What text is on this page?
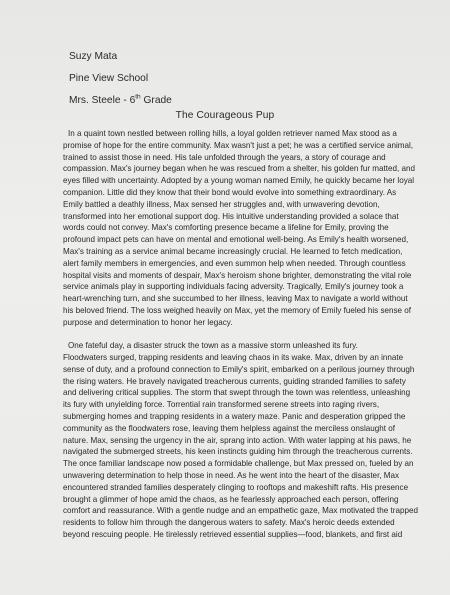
Suzy Mata
Pine View School
Mrs. Steele - 6th Grade
The Courageous Pup
In a quaint town nestled between rolling hills, a loyal golden retriever named Max stood as a
promise of hope for the entire community. Max wasn't just a pet; he was a certified service animal,
trained to assist those in need. His tale unfolded through the years, a story of courage and
compassion. Max's journey began when he was rescued from a shelter, his golden fur matted, and
eyes filled with uncertainty. Adopted by a young woman named Emily, he quickly became her loyal
companion. Little did they know that their bond would evolve into something extraordinary. As
Emily battled a deathly illness, Max sensed her struggles and, with unwavering devotion,
transformed into her emotional support dog. His intuitive understanding provided a solace that
words could not convey. Max's comforting presence became a lifeline for Emily, proving the
profound impact pets can have on mental and emotional well-being. As Emily's health worsened,
Max's training as a service animal became increasingly crucial. He learned to fetch medication,
alert family members in emergencies, and even summon help when needed. Through countless
hospital visits and moments of despair, Max's heroism shone brighter, demonstrating the vital role
service animals play in supporting individuals facing adversity. Tragically, Emily's journey took a
heart-wrenching turn, and she succumbed to her illness, leaving Max to navigate a world without
his beloved friend. The loss weighed heavily on Max, yet the memory of Emily fueled his sense of
purpose and determination to honor her legacy.
One fateful day, a disaster struck the town as a massive storm unleashed its fury.
Floodwaters surged, trapping residents and leaving chaos in its wake. Max, driven by an innate
sense of duty, and a profound connection to Emily's spirit, embarked on a perilous journey through
the rising waters. He bravely navigated treacherous currents, guiding stranded families to safety
and delivering critical supplies. The storm that swept through the town was relentless, unleashing
its fury with unyielding force. Torrential rain transformed serene streets into raging rivers,
submerging homes and trapping residents in a watery maze. Panic and desperation gripped the
community as the floodwaters rose, leaving them helpless against the merciless onslaught of
nature. Max, sensing the urgency in the air, sprang into action. With water lapping at his paws, he
navigated the submerged streets, his keen instincts guiding him through the treacherous currents.
The once familiar landscape now posed a formidable challenge, but Max pressed on, fueled by an
unwavering determination to help those in need. As he went into the heart of the disaster, Max
encountered stranded families desperately clinging to rooftops and makeshift rafts. His presence
brought a glimmer of hope amid the chaos, as he fearlessly approached each person, offering
comfort and reassurance. With a gentle nudge and an empathetic gaze, Max motivated the trapped
residents to follow him through the dangerous waters to safety. Max's heroic deeds extended
beyond rescuing people. He tirelessly retrieved essential supplies—food, blankets, and first aid
